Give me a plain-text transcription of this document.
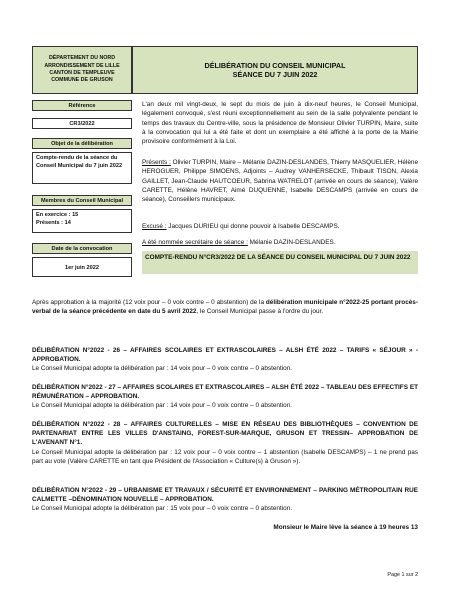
DÉPARTEMENT DU NORD
ARRONDISSEMENT DE LILLE
CANTON DE TEMPLEUVE
COMMUNE DE GRUSON
DÉLIBÉRATION DU CONSEIL MUNICIPAL
SÉANCE DU 7 JUIN 2022
Référence
CR3/2022
Objet de la délibération
Compte-rendu de la séance du Conseil Municipal du 7 juin 2022
Membres du Conseil Municipal
En exercice : 15
Présents : 14
Date de la convocation
1er juin 2022
L'an deux mil vingt-deux, le sept du mois de juin à dix-neuf heures, le Conseil Municipal, légalement convoqué, s'est réuni exceptionnellement au sein de la salle polyvalente pendant le temps des travaux du Centre-ville, sous la présidence de Monsieur Olivier TURPIN, Maire, suite à la convocation qui lui a été faite et dont un exemplaire a été affiché à la porte de la Mairie provisoire conformément à la Loi.
Présents : Olivier TURPIN, Maire – Mélanie DAZIN-DESLANDES, Thierry MASQUELIER, Hélène HEROGUER, Philippe SIMOENS, Adjoints – Audrey VANHERSECKE, Thibault TISON, Alexia GAILLET, Jean-Claude HAUTCOEUR, Sabrina WATRELOT (arrivée en cours de séance), Valère CARETTE, Hélène HAVRET, Aimé DUQUENNE, Isabelle DESCAMPS (arrivée en cours de séance), Conseillers municipaux.
Excusé : Jacques DURIEU qui donne pouvoir à Isabelle DESCAMPS.
A été nommée secrétaire de séance : Mélanie DAZIN-DESLANDES.
COMPTE-RENDU N°CR3/2022 DE LA SÉANCE DU CONSEIL MUNICIPAL DU 7 JUIN 2022
Après approbation à la majorité (12 voix pour – 0 voix contre – 0 abstention) de la délibération municipale n°2022-25 portant procès-verbal de la séance précédente en date du 5 avril 2022, le Conseil Municipal passe à l'ordre du jour.
DÉLIBÉRATION N°2022 - 26 – AFFAIRES SCOLAIRES ET EXTRASCOLAIRES – ALSH ÉTÉ 2022 – TARIFS « SÉJOUR » - APPROBATION.
Le Conseil Municipal adopte la délibération par : 14 voix pour – 0 voix contre – 0 abstention.
DÉLIBÉRATION N°2022 - 27 – AFFAIRES SCOLAIRES ET EXTRASCOLAIRES – ALSH ÉTÉ 2022 – TABLEAU DES EFFECTIFS ET RÉMUNÉRATION – APPROBATION.
Le Conseil Municipal adopte la délibération par : 14 voix pour – 0 voix contre – 0 abstention.
DÉLIBÉRATION N°2022 - 28 – AFFAIRES CULTURELLES – MISE EN RÉSEAU DES BIBLIOTHÈQUES – CONVENTION DE PARTENARIAT ENTRE LES VILLES D'ANSTAING, FOREST-SUR-MARQUE, GRUSON ET TRESSIN– APPROBATION DE L'AVENANT N°1.
Le Conseil Municipal adopte la délibération par : 12 voix pour – 0 voix contre – 1 abstention (Isabelle DESCAMPS) – 1 ne prend pas part au vote (Valère CARETTE en tant que Président de l'Association « Culture(s) à Gruson »).
DÉLIBÉRATION N°2022 - 29 – URBANISME ET TRAVAUX / SÉCURITÉ ET ENVIRONNEMENT – PARKING MÉTROPOLITAIN RUE CALMETTE –DÉNOMINATION NOUVELLE – APPROBATION.
Le Conseil Municipal adopte la délibération par : 15 voix pour – 0 voix contre – 0 abstention.
Monsieur le Maire lève la séance à 19 heures 13
Page 1 sur 2
